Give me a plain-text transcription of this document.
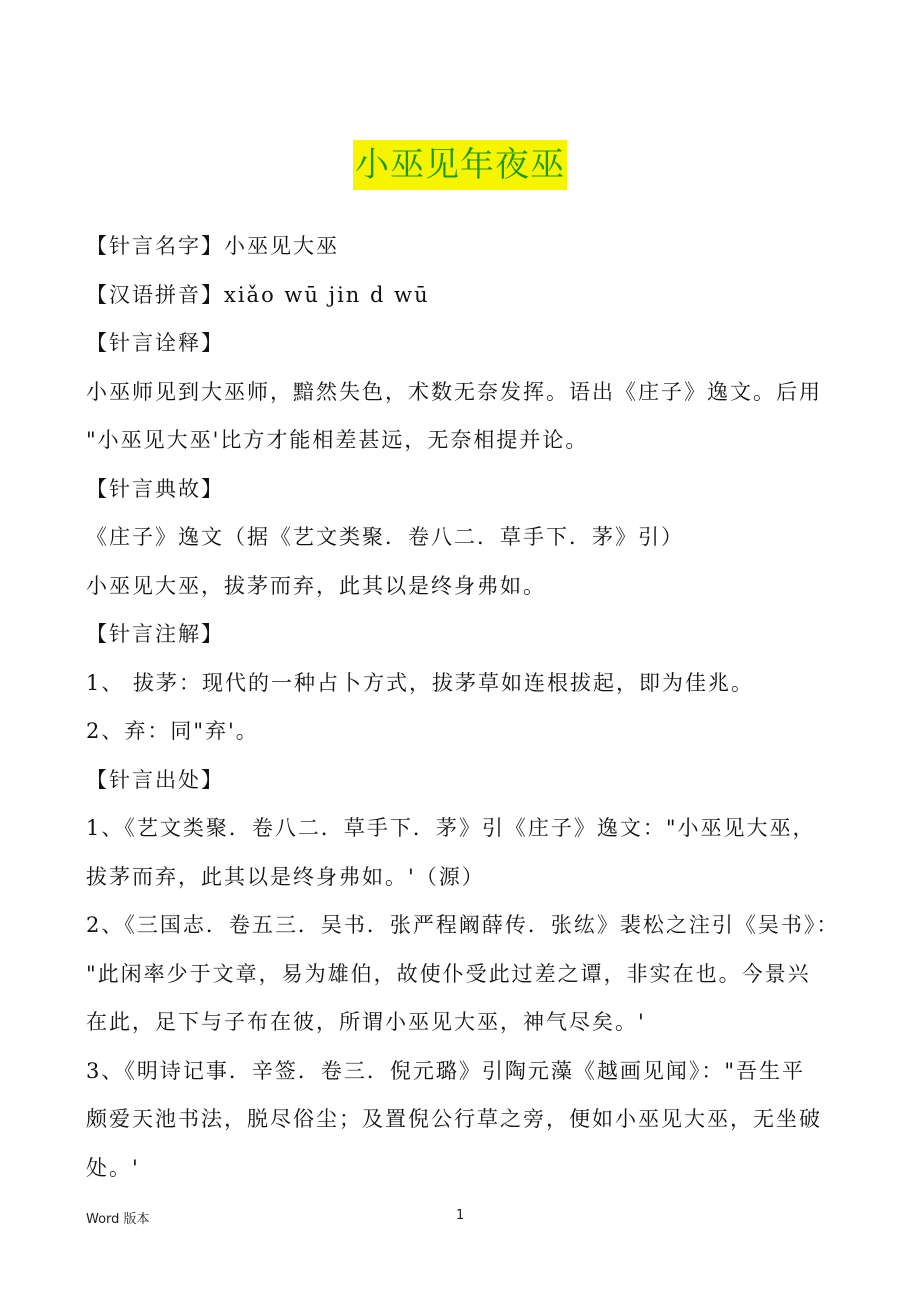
小巫见年夜巫
【针言名字】小巫见大巫
【汉语拼音】xiǎo wū jin d wū
【针言诠释】
小巫师见到大巫师，黯然失色，术数无奈发挥。语出《庄子》逸文。后用
"小巫见大巫'比方才能相差甚远，无奈相提并论。
【针言典故】
《庄子》逸文（据《艺文类聚．卷八二．草手下．茅》引）
小巫见大巫，拔茅而弃，此其以是终身弗如。
【针言注解】
1、 拔茅：现代的一种占卜方式，拔茅草如连根拔起，即为佳兆。
2、弃：同"弃'。
【针言出处】
1、《艺文类聚．卷八二．草手下．茅》引《庄子》逸文："小巫见大巫，
拔茅而弃，此其以是终身弗如。'（源）
2、《三国志．卷五三．吴书．张严程阚薛传．张纮》裴松之注引《吴书》：
"此闲率少于文章，易为雄伯，故使仆受此过差之谭，非实在也。今景兴
在此，足下与子布在彼，所谓小巫见大巫，神气尽矣。'
3、《明诗记事．辛签．卷三．倪元璐》引陶元藻《越画见闻》："吾生平
颇爱天池书法，脱尽俗尘；及置倪公行草之旁，便如小巫见大巫，无坐破
处。'
Word 版本	1
